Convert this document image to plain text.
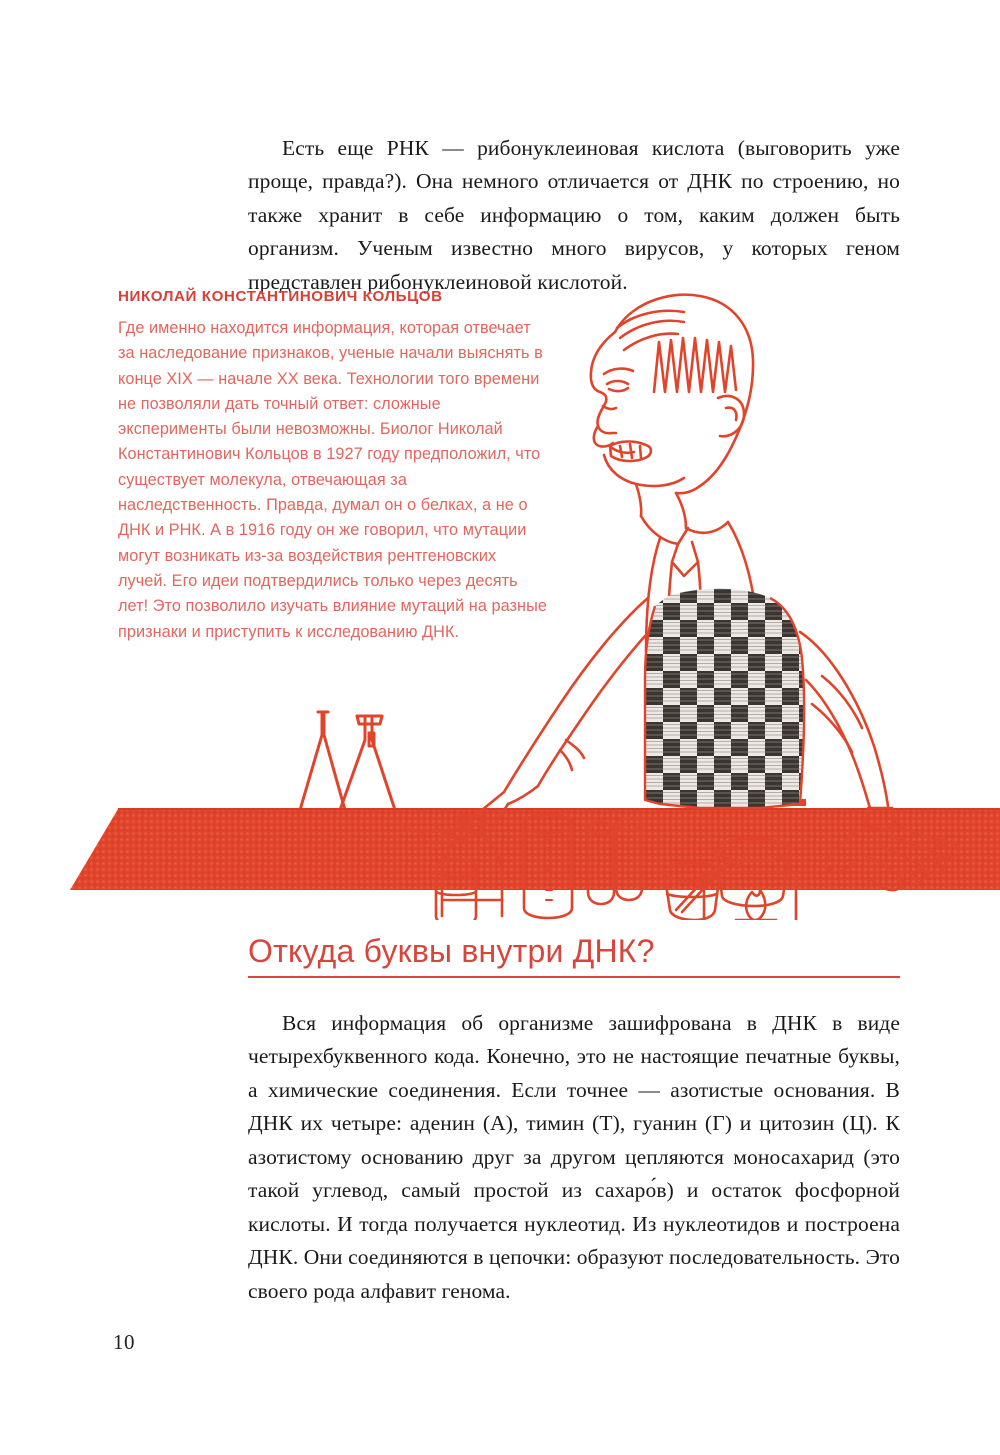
Есть еще РНК — рибонуклеиновая кислота (выговорить уже проще, правда?). Она немного отличается от ДНК по строению, но также хранит в себе информацию о том, каким должен быть организм. Ученым известно много вирусов, у которых геном представлен рибонуклеиновой кислотой.

НИКОЛАЙ КОНСТАНТИНОВИЧ КОЛЬЦОВ

Где именно находится информация, которая отвечает за наследование признаков, ученые начали выяснять в конце XIX — начале XX века. Технологии того времени не позволяли дать точный ответ: сложные эксперименты были невозможны. Биолог Николай Константинович Кольцов в 1927 году предположил, что существует молекула, отвечающая за наследственность. Правда, думал он о белках, а не о ДНК и РНК. А в 1916 году он же говорил, что мутации могут возникать из-за воздействия рентгеновских лучей. Его идеи подтвердились только через десять лет! Это позволило изучать влияние мутаций на разные признаки и приступить к исследованию ДНК.

Откуда буквы внутри ДНК?

Вся информация об организме зашифрована в ДНК в виде четырехбуквенного кода. Конечно, это не настоящие печатные буквы, а химические соединения. Если точнее — азотистые основания. В ДНК их четыре: аденин (А), тимин (Т), гуанин (Г) и цитозин (Ц). К азотистому основанию друг за другом цепляются моносахарид (это такой углевод, самый простой из сахаро́в) и остаток фосфорной кислоты. И тогда получается нуклеотид. Из нуклеотидов и построена ДНК. Они соединяются в цепочки: образуют последовательность. Это своего рода алфавит генома.

10
